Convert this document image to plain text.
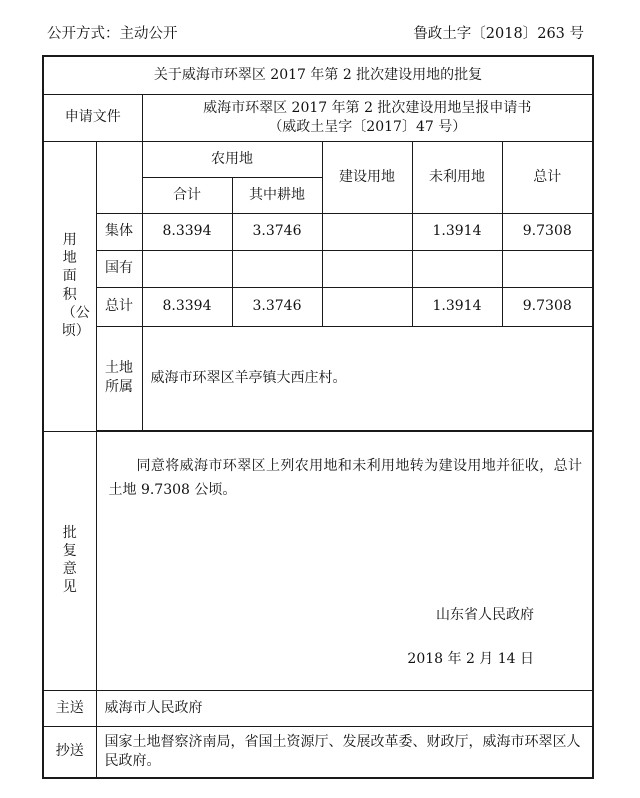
公开方式：主动公开	鲁政土字〔2018〕263 号
关于威海市环翠区 2017 年第 2 批次建设用地的批复						
申请文件		威海市环翠区 2017 年第 2 批次建设用地呈报申请书
（威政土呈字〔2017〕47 号）				

用地面积（公顷）		农用地		建设用地	未利用地	总计
		合计	其中耕地			
	集体	8.3394	3.3746		1.3914	9.7308
	国有					
	总计	8.3394	3.3746		1.3914	9.7308
	土地所属	威海市环翠区羊亭镇大西庄村。				

批复意见	同意将威海市环翠区上列农用地和未利用地转为建设用地并征收，总计土地 9.7308 公顷。
山东省人民政府
2018 年 2 月 14 日					

主送	威海市人民政府					
抄送	国家土地督察济南局，省国土资源厅、发展改革委、财政厅，威海市环翠区人民政府。					
